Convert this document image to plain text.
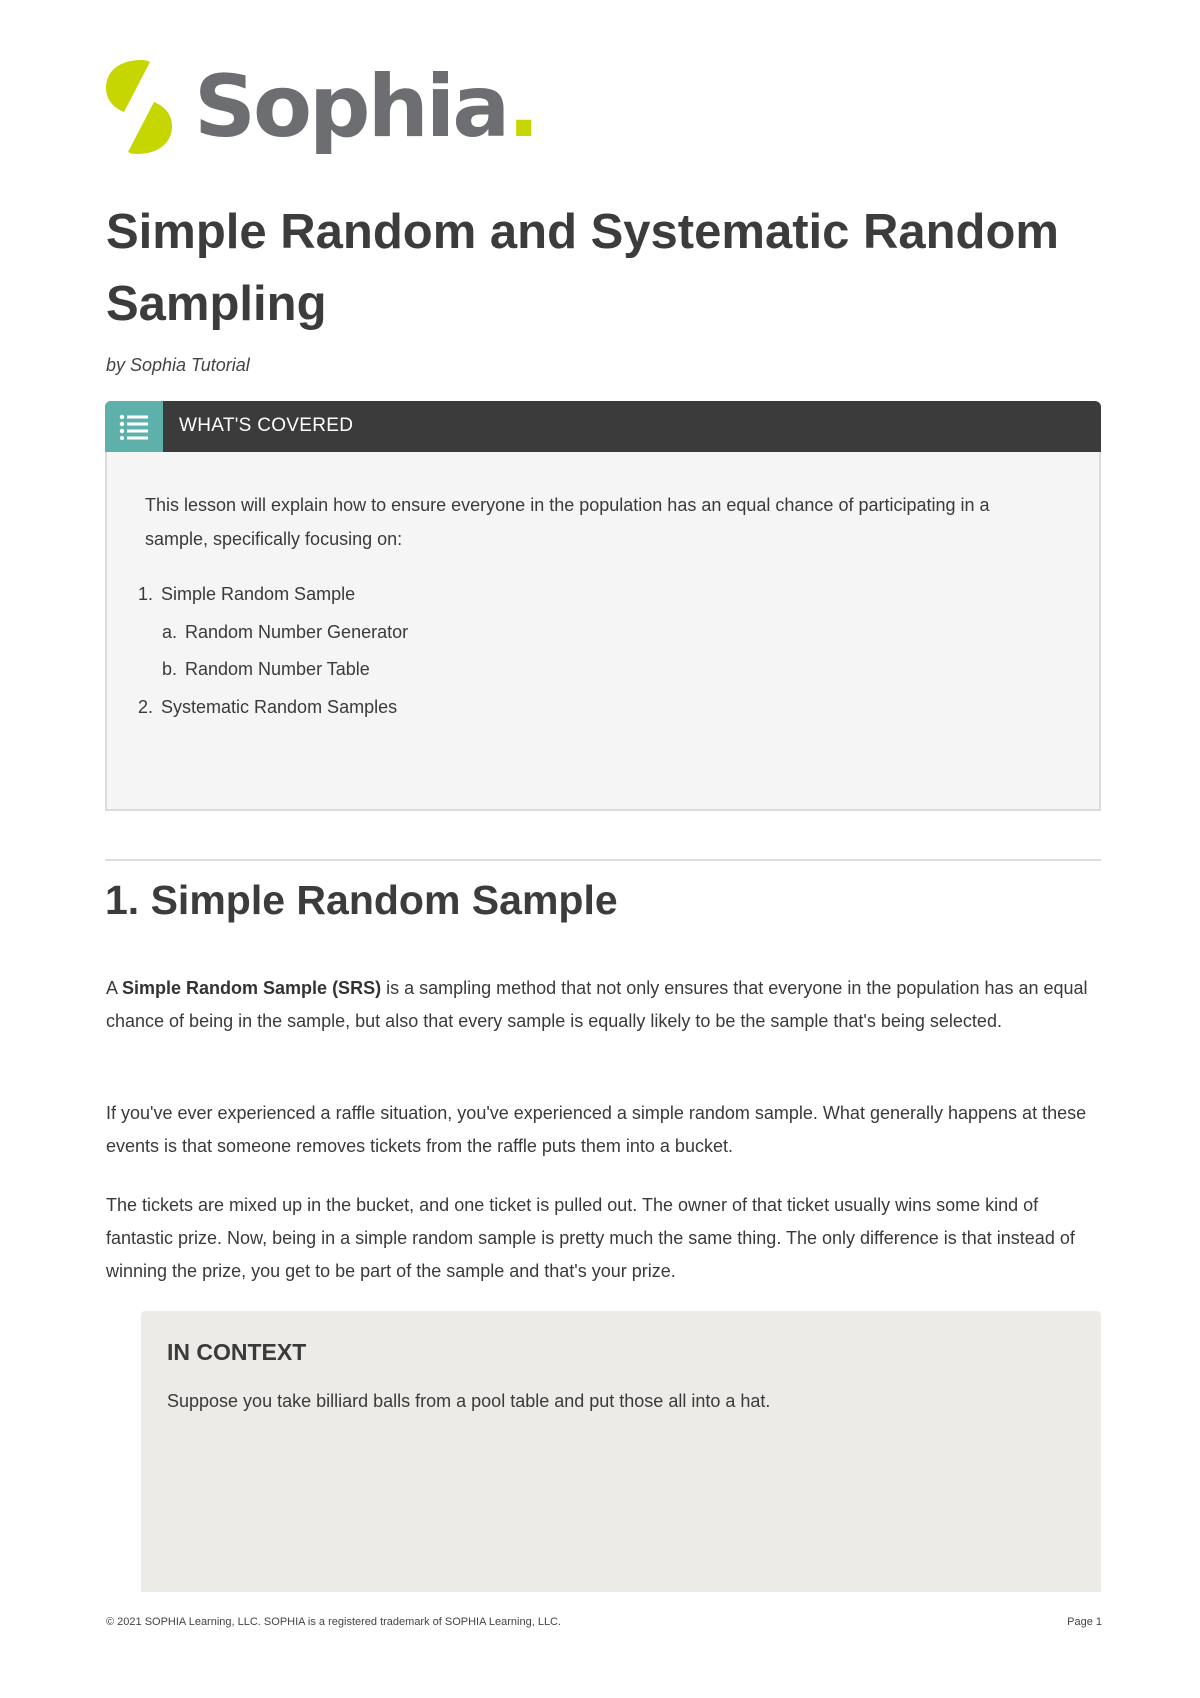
Sophia.
Simple Random and Systematic Random Sampling

by Sophia Tutorial

WHAT'S COVERED

This lesson will explain how to ensure everyone in the population has an equal chance of participating in a sample, specifically focusing on:

1. Simple Random Sample
a. Random Number Generator
b. Random Number Table
2. Systematic Random Samples
1. Simple Random Sample

A Simple Random Sample (SRS) is a sampling method that not only ensures that everyone in the population has an equal chance of being in the sample, but also that every sample is equally likely to be the sample that's being selected.

If you've ever experienced a raffle situation, you've experienced a simple random sample. What generally happens at these events is that someone removes tickets from the raffle puts them into a bucket.

The tickets are mixed up in the bucket, and one ticket is pulled out. The owner of that ticket usually wins some kind of fantastic prize. Now, being in a simple random sample is pretty much the same thing. The only difference is that instead of winning the prize, you get to be part of the sample and that's your prize.

IN CONTEXT

Suppose you take billiard balls from a pool table and put those all into a hat.

© 2021 SOPHIA Learning, LLC. SOPHIA is a registered trademark of SOPHIA Learning, LLC.	Page 1
